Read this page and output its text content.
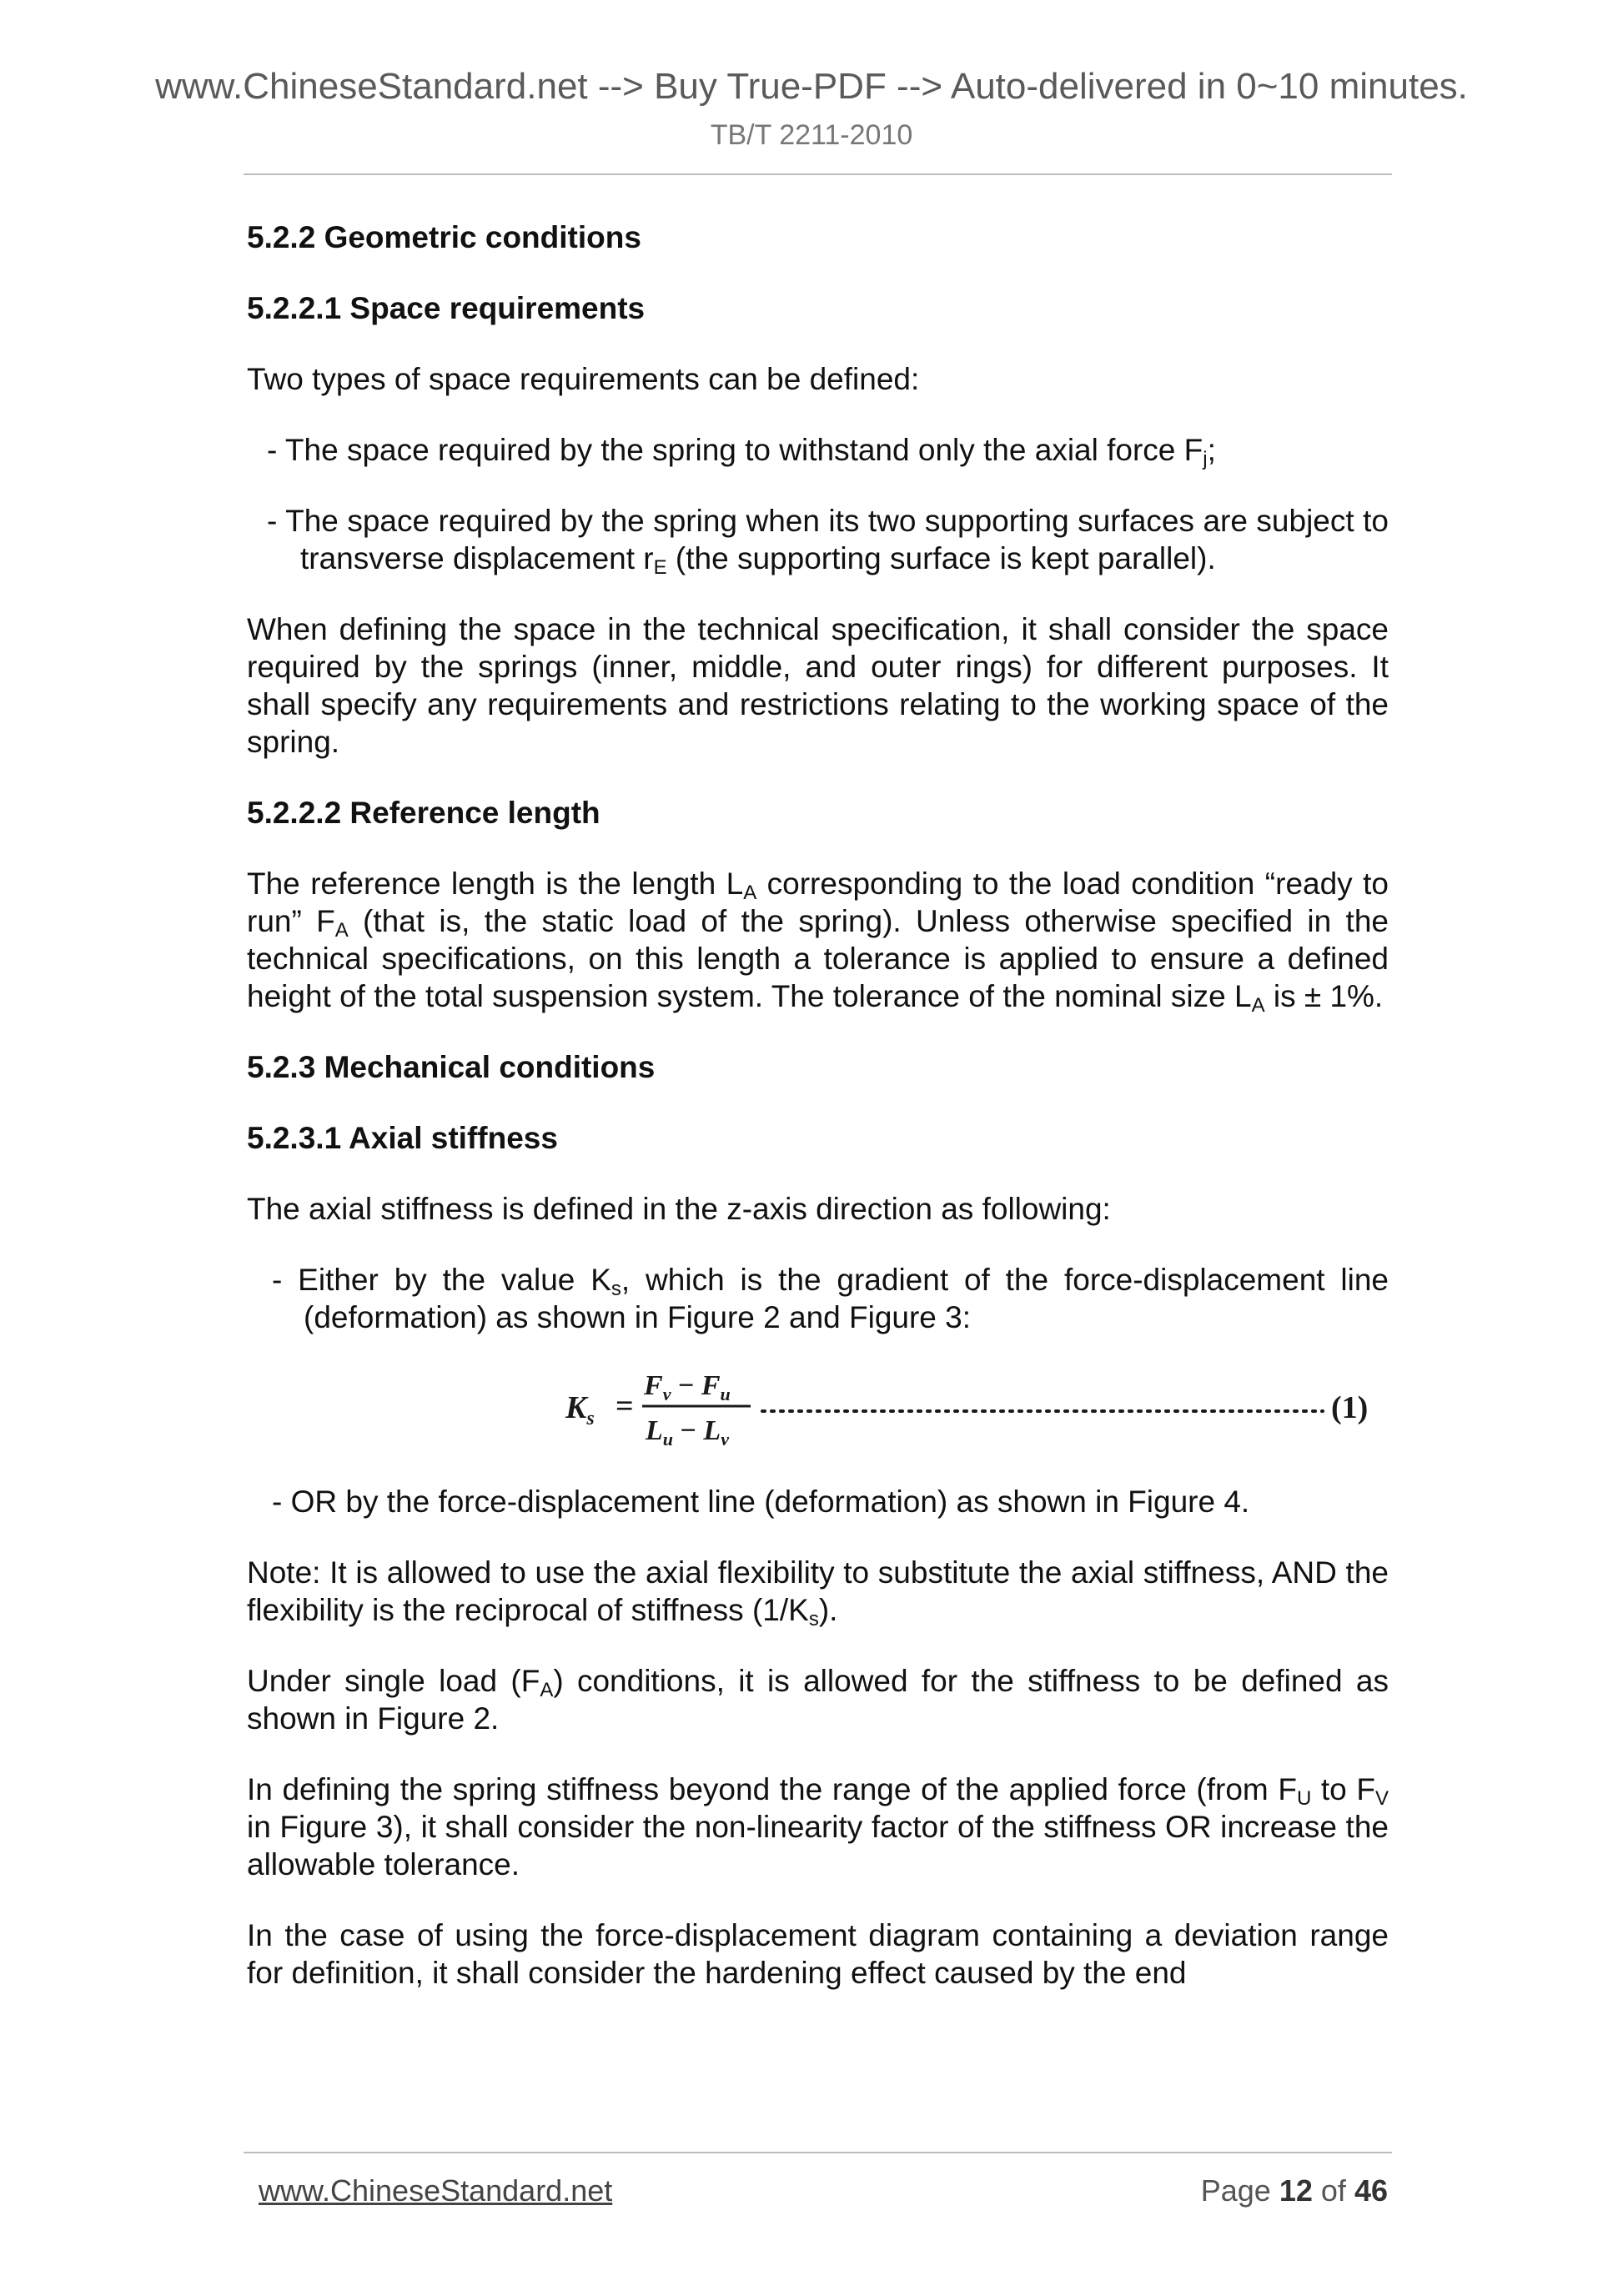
www.ChineseStandard.net --> Buy True-PDF --> Auto-delivered in 0~10 minutes.
TB/T 2211-2010

5.2.2 Geometric conditions

5.2.2.1 Space requirements

Two types of space requirements can be defined:

- The space required by the spring to withstand only the axial force $F_j$;

- The space required by the spring when its two supporting surfaces are subject to transverse displacement $r_E$ (the supporting surface is kept parallel).

When defining the space in the technical specification, it shall consider the space required by the springs (inner, middle, and outer rings) for different purposes. It shall specify any requirements and restrictions relating to the working space of the spring.

5.2.2.2 Reference length

The reference length is the length $L_A$ corresponding to the load condition “ready to run” $F_A$ (that is, the static load of the spring). Unless otherwise specified in the technical specifications, on this length a tolerance is applied to ensure a defined height of the total suspension system. The tolerance of the nominal size $L_A$ is ± 1%.

5.2.3 Mechanical conditions

5.2.3.1 Axial stiffness

The axial stiffness is defined in the z-axis direction as following:

- Either by the value $K_s$, which is the gradient of the force-displacement line (deformation) as shown in Figure 2 and Figure 3:

$K_s$ =
$F_v - F_u$
$L_u - L_v$
(1)

- OR by the force-displacement line (deformation) as shown in Figure 4.

Note: It is allowed to use the axial flexibility to substitute the axial stiffness, AND the flexibility is the reciprocal of stiffness $(1/K_s)$.

Under single load $(F_A)$ conditions, it is allowed for the stiffness to be defined as shown in Figure 2.

In defining the spring stiffness beyond the range of the applied force (from $F_U$ to $F_V$ in Figure 3), it shall consider the non-linearity factor of the stiffness OR increase the allowable tolerance.

In the case of using the force-displacement diagram containing a deviation range for definition, it shall consider the hardening effect caused by the end

www.ChineseStandard.net	Page 12 of 46
